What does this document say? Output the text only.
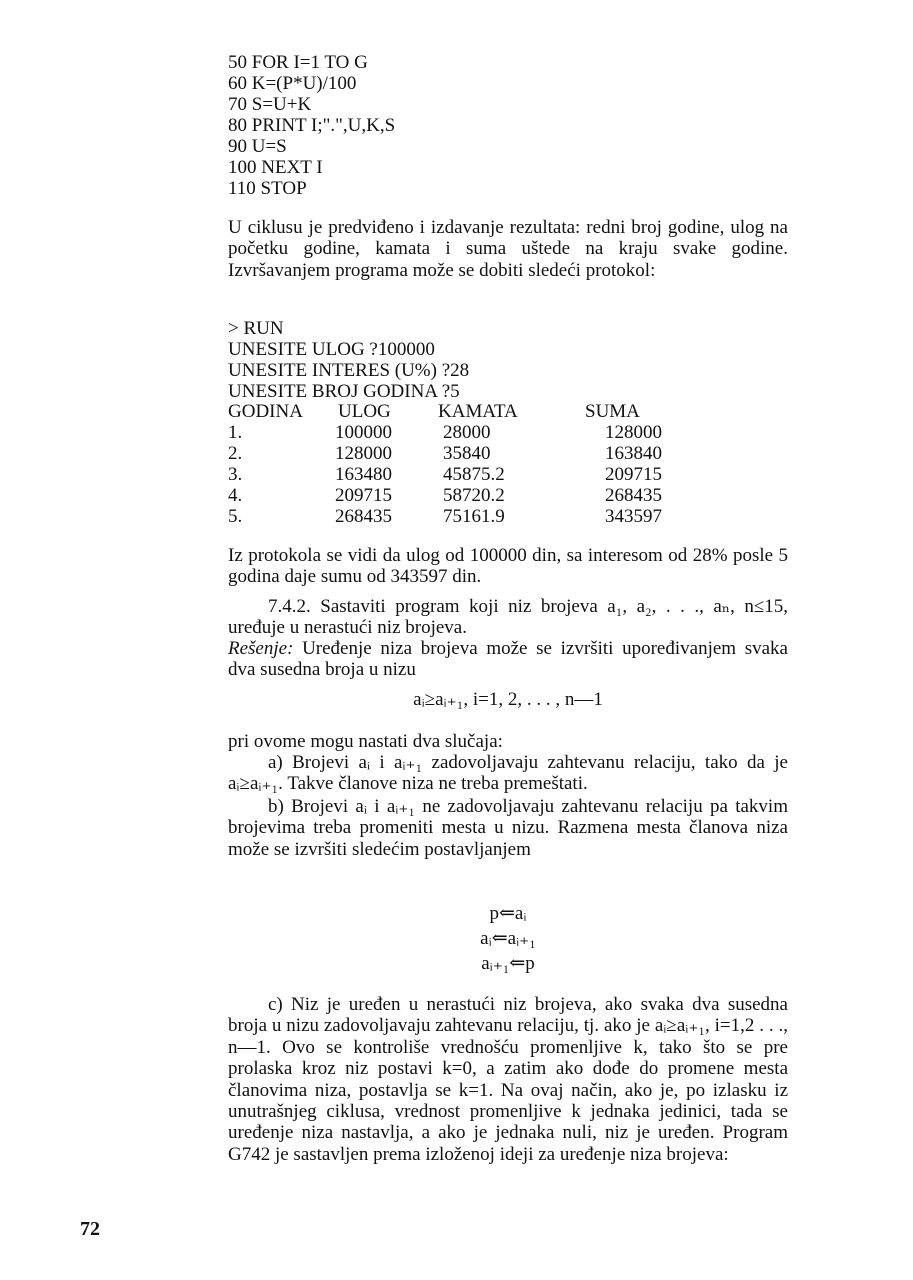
50 FOR I=1 TO G
60 K=(P*U)/100
70 S=U+K
80 PRINT I;".",U,K,S
90 U=S
100 NEXT I
110 STOP

U ciklusu je predviđeno i izdavanje rezultata: redni broj godine, ulog na početku godine, kamata i suma uštede na kraju svake godine. Izvršavanjem programa može se dobiti sledeći protokol:

> RUN
UNESITE ULOG ?100000
UNESITE INTERES (U%) ?28
UNESITE BROJ GODINA ?5
GODINA ULOG KAMATA	SUMA
1.	100000	28000	128000
2.	128000	35840	163840
3.	163480	45875.2	209715
4.	209715	58720.2	268435
5.	268435	75161.9	343597

Iz protokola se vidi da ulog od 100000 din, sa interesom od 28% posle 5 godina daje sumu od 343597 din.

7.4.2. Sastaviti program koji niz brojeva a₁, a₂, . . ., aₙ, n≤15, uređuje u nerastući niz brojeva.

Rešenje: Uređenje niza brojeva može se izvršiti upoređivanjem svaka dva susedna broja u nizu

aᵢ≥aᵢ₊₁, i=1, 2, . . . , n—1

pri ovome mogu nastati dva slučaja:

a) Brojevi aᵢ i aᵢ₊₁ zadovoljavaju zahtevanu relaciju, tako da je aᵢ≥aᵢ₊₁. Takve članove niza ne treba premeštati.

b) Brojevi aᵢ i aᵢ₊₁ ne zadovoljavaju zahtevanu relaciju pa takvim brojevima treba promeniti mesta u nizu. Razmena mesta članova niza može se izvršiti sledećim postavljanjem

p⇐aᵢ
aᵢ⇐aᵢ₊₁
aᵢ₊₁⇐p

c) Niz je uređen u nerastući niz brojeva, ako svaka dva susedna broja u nizu zadovoljavaju zahtevanu relaciju, tj. ako je aᵢ≥aᵢ₊₁, i=1,2 . . ., n—1. Ovo se kontroliše vrednošću promenljive k, tako što se pre prolaska kroz niz postavi k=0, a zatim ako dođe do promene mesta članovima niza, postavlja se k=1. Na ovaj način, ako je, po izlasku iz unutrašnjeg ciklusa, vrednost promenljive k jednaka jedinici, tada se uređenje niza nastavlja, a ako je jednaka nuli, niz je uređen. Program G742 je sastavljen prema izloženoj ideji za uređenje niza brojeva:

72
